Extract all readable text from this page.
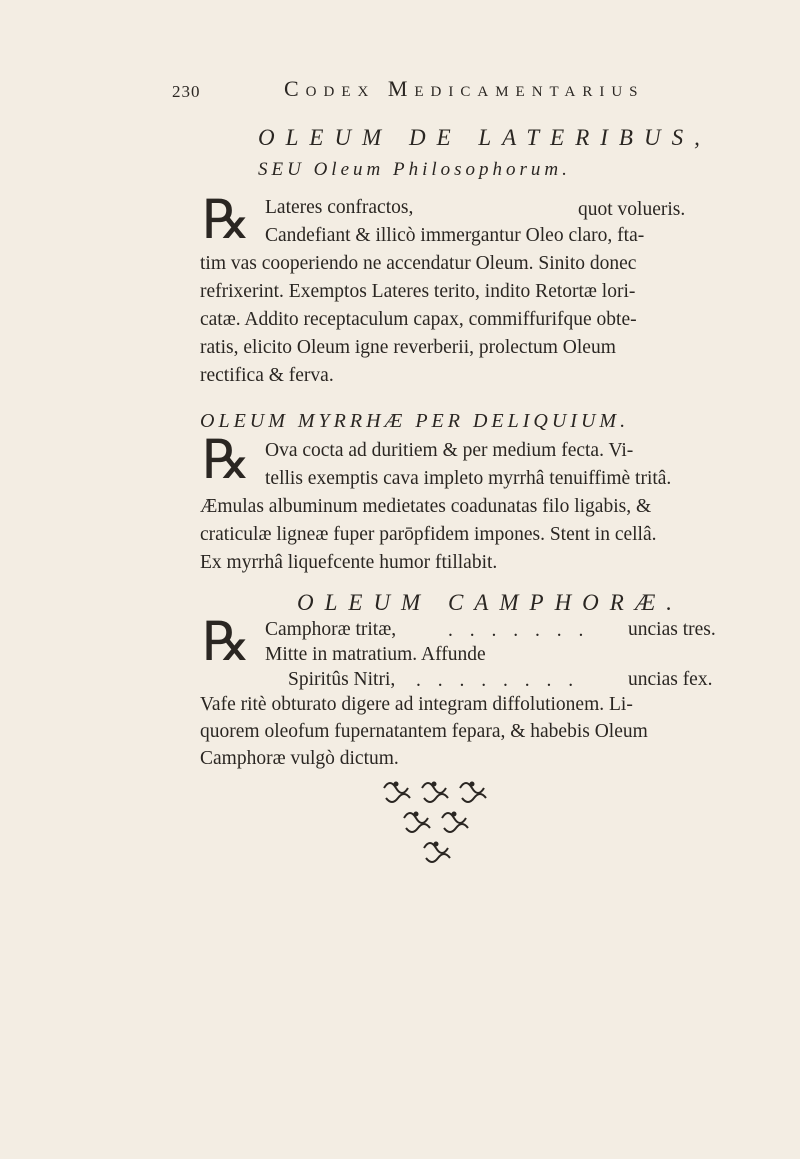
230	Codex Medicamentarius
OLEUM DE LATERIBUS,
SEU Oleum Philosophorum.
℞ Lateres confractos,	quot volueris.
Candefiant & illicò immergantur Oleo claro, fta-
tim vas cooperiendo ne accendatur Oleum. Sinito donec
refrixerint. Exemptos Lateres terito, indito Retortæ lori-
catæ. Addito receptaculum capax, commiffurifque obte-
ratis, elicito Oleum igne reverberii, prolectum Oleum
rectifica & ferva.
OLEUM MYRRHÆ PER DELIQUIUM.
℞ Ova cocta ad duritiem & per medium fecta. Vi-
tellis exemptis cava impleto myrrhâ tenuiffimè tritâ.
Æmulas albuminum medietates coadunatas filo ligabis, &
craticulæ ligneæ fuper parōpfidem impones. Stent in cellâ.
Ex myrrhâ liquefcente humor ftillabit.
OLEUM CAMPHORÆ.
℞ Camphoræ tritæ,	. . . . . . . uncias tres.
Mitte in matratium. Affunde
Spiritûs Nitri, . . . . . . . .	uncias fex.
Vafe ritè obturato digere ad integram diffolutionem. Li-
quorem oleofum fupernatantem fepara, & habebis Oleum
Camphoræ vulgò dictum.
